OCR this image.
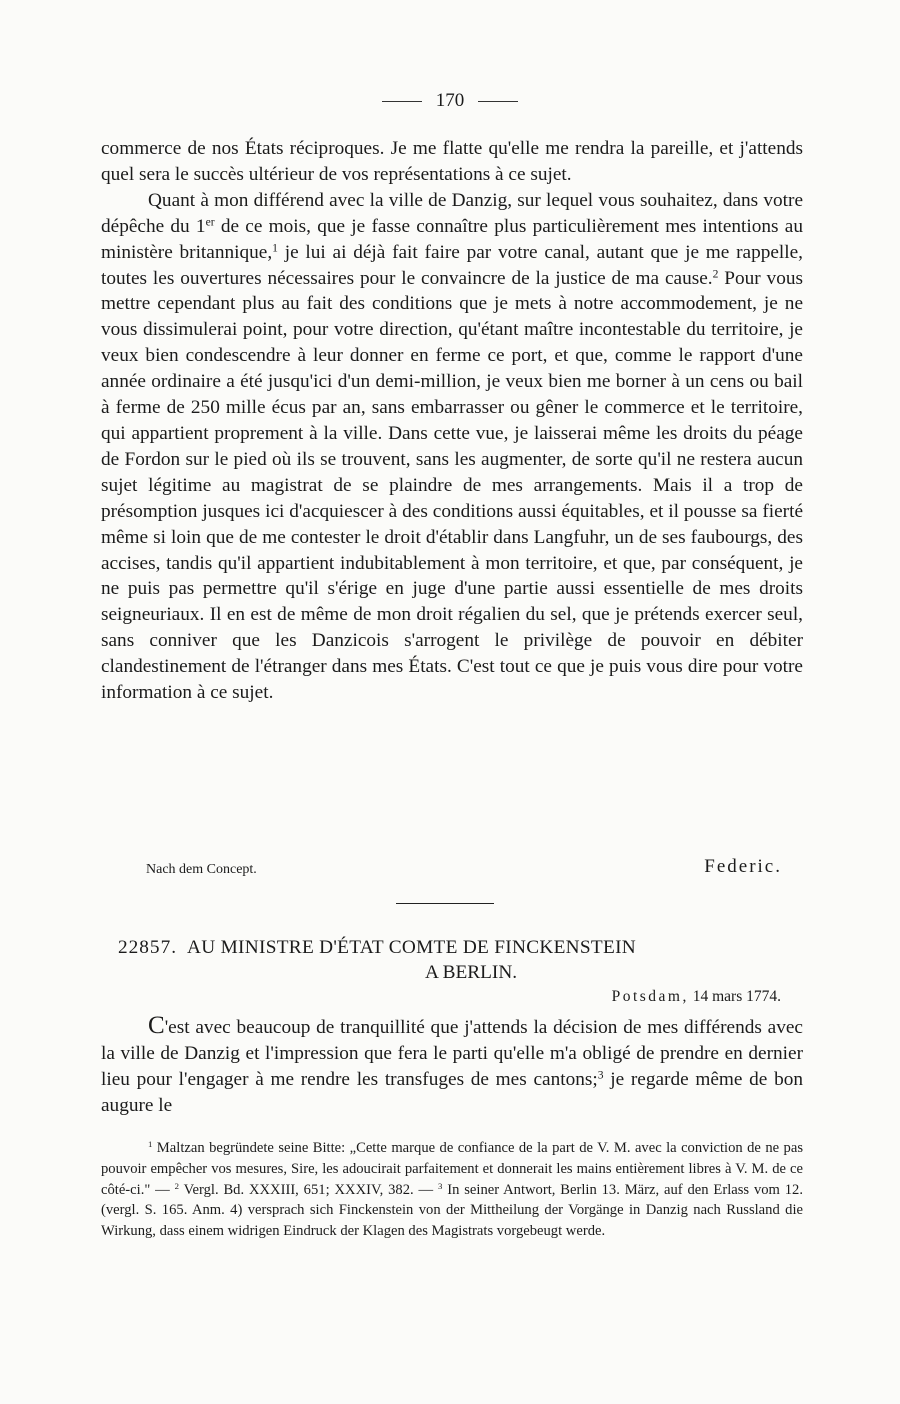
170

commerce de nos États réciproques. Je me flatte qu'elle me rendra la pareille, et j'attends quel sera le succès ultérieur de vos représentations à ce sujet.

Quant à mon différend avec la ville de Danzig, sur lequel vous souhaitez, dans votre dépêche du 1er de ce mois, que je fasse connaître plus particulièrement mes intentions au ministère britannique,$^1$ je lui ai déjà fait faire par votre canal, autant que je me rappelle, toutes les ouvertures nécessaires pour le convaincre de la justice de ma cause.$^2$ Pour vous mettre cependant plus au fait des conditions que je mets à notre accommodement, je ne vous dissimulerai point, pour votre direction, qu'étant maître incontestable du territoire, je veux bien condescendre à leur donner en ferme ce port, et que, comme le rapport d'une année ordinaire a été jusqu'ici d'un demi-million, je veux bien me borner à un cens ou bail à ferme de 250 mille écus par an, sans embarrasser ou gêner le commerce et le territoire, qui appartient proprement à la ville. Dans cette vue, je laisserai même les droits du péage de Fordon sur le pied où ils se trouvent, sans les augmenter, de sorte qu'il ne restera aucun sujet légitime au magistrat de se plaindre de mes arrangements. Mais il a trop de présomption jusques ici d'acquiescer à des conditions aussi équitables, et il pousse sa fierté même si loin que de me contester le droit d'établir dans Langfuhr, un de ses faubourgs, des accises, tandis qu'il appartient indubitablement à mon territoire, et que, par conséquent, je ne puis pas permettre qu'il s'érige en juge d'une partie aussi essentielle de mes droits seigneuriaux. Il en est de même de mon droit régalien du sel, que je prétends exercer seul, sans conniver que les Danzicois s'arrogent le privilège de pouvoir en débiter clandestinement de l'étranger dans mes États. C'est tout ce que je puis vous dire pour votre information à ce sujet.

Nach dem Concept.	Federic.
22857. AU MINISTRE D'ÉTAT COMTE DE FINCKENSTEIN
A BERLIN.
Potsdam, 14 mars 1774.

C'est avec beaucoup de tranquillité que j'attends la décision de mes différends avec la ville de Danzig et l'impression que fera le parti qu'elle m'a obligé de prendre en dernier lieu pour l'engager à me rendre les transfuges de mes cantons;$^3$ je regarde même de bon augure le

$^1$ Maltzan begründete seine Bitte: „Cette marque de confiance de la part de V. M. avec la conviction de ne pas pouvoir empêcher vos mesures, Sire, les adoucirait parfaitement et donnerait les mains entièrement libres à V. M. de ce côté-ci." — $^2$ Vergl. Bd. XXXIII, 651; XXXIV, 382. — $^3$ In seiner Antwort, Berlin 13. März, auf den Erlass vom 12. (vergl. S. 165. Anm. 4) versprach sich Finckenstein von der Mittheilung der Vorgänge in Danzig nach Russland die Wirkung, dass einem widrigen Eindruck der Klagen des Magistrats vorgebeugt werde.
